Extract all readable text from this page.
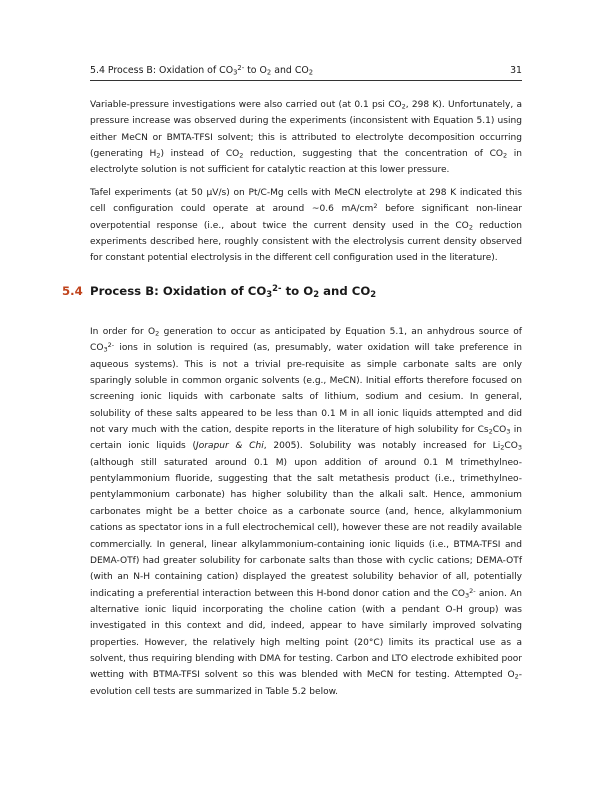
5.4 Process B: Oxidation of $CO_3^{2-}$ to $O_2$ and $CO_2$	31

Variable-pressure investigations were also carried out (at 0.1 psi $CO_2$, 298 K). Unfortunately, a pressure increase was observed during the experiments (inconsistent with Equation 5.1) using either MeCN or BMTA-TFSI solvent; this is attributed to electrolyte decomposition occurring (generating $H_2$) instead of $CO_2$ reduction, suggesting that the concentration of $CO_2$ in electrolyte solution is not sufficient for catalytic reaction at this lower pressure.

Tafel experiments (at 50 μV/s) on Pt/C-Mg cells with MeCN electrolyte at 298 K indicated this cell configuration could operate at around ~0.6 $mA/cm^2$ before significant non-linear overpotential response (i.e., about twice the current density used in the $CO_2$ reduction experiments described here, roughly consistent with the electrolysis current density observed for constant potential electrolysis in the different cell configuration used in the literature).

5.4 Process B: Oxidation of $CO_3^{2-}$ to $O_2$ and $CO_2$

In order for $O_2$ generation to occur as anticipated by Equation 5.1, an anhydrous source of $CO_3^{2-}$ ions in solution is required (as, presumably, water oxidation will take preference in aqueous systems). This is not a trivial pre-requisite as simple carbonate salts are only sparingly soluble in common organic solvents (e.g., MeCN). Initial efforts therefore focused on screening ionic liquids with carbonate salts of lithium, sodium and cesium. In general, solubility of these salts appeared to be less than 0.1 M in all ionic liquids attempted and did not vary much with the cation, despite reports in the literature of high solubility for $Cs_2CO_3$ in certain ionic liquids (Jorapur & Chi, 2005). Solubility was notably increased for $Li_2CO_3$ (although still saturated around 0.1 M) upon addition of around 0.1 M trimethylneo-pentylammonium fluoride, suggesting that the salt metathesis product (i.e., trimethylneo-pentylammonium carbonate) has higher solubility than the alkali salt. Hence, ammonium carbonates might be a better choice as a carbonate source (and, hence, alkylammonium cations as spectator ions in a full electrochemical cell), however these are not readily available commercially. In general, linear alkylammonium-containing ionic liquids (i.e., BTMA-TFSI and DEMA-OTf) had greater solubility for carbonate salts than those with cyclic cations; DEMA-OTf (with an N-H containing cation) displayed the greatest solubility behavior of all, potentially indicating a preferential interaction between this H-bond donor cation and the $CO_3^{2-}$ anion. An alternative ionic liquid incorporating the choline cation (with a pendant O-H group) was investigated in this context and did, indeed, appear to have similarly improved solvating properties. However, the relatively high melting point (20°C) limits its practical use as a solvent, thus requiring blending with DMA for testing. Carbon and LTO electrode exhibited poor wetting with BTMA-TFSI solvent so this was blended with MeCN for testing. Attempted $O_2$-evolution cell tests are summarized in Table 5.2 below.
